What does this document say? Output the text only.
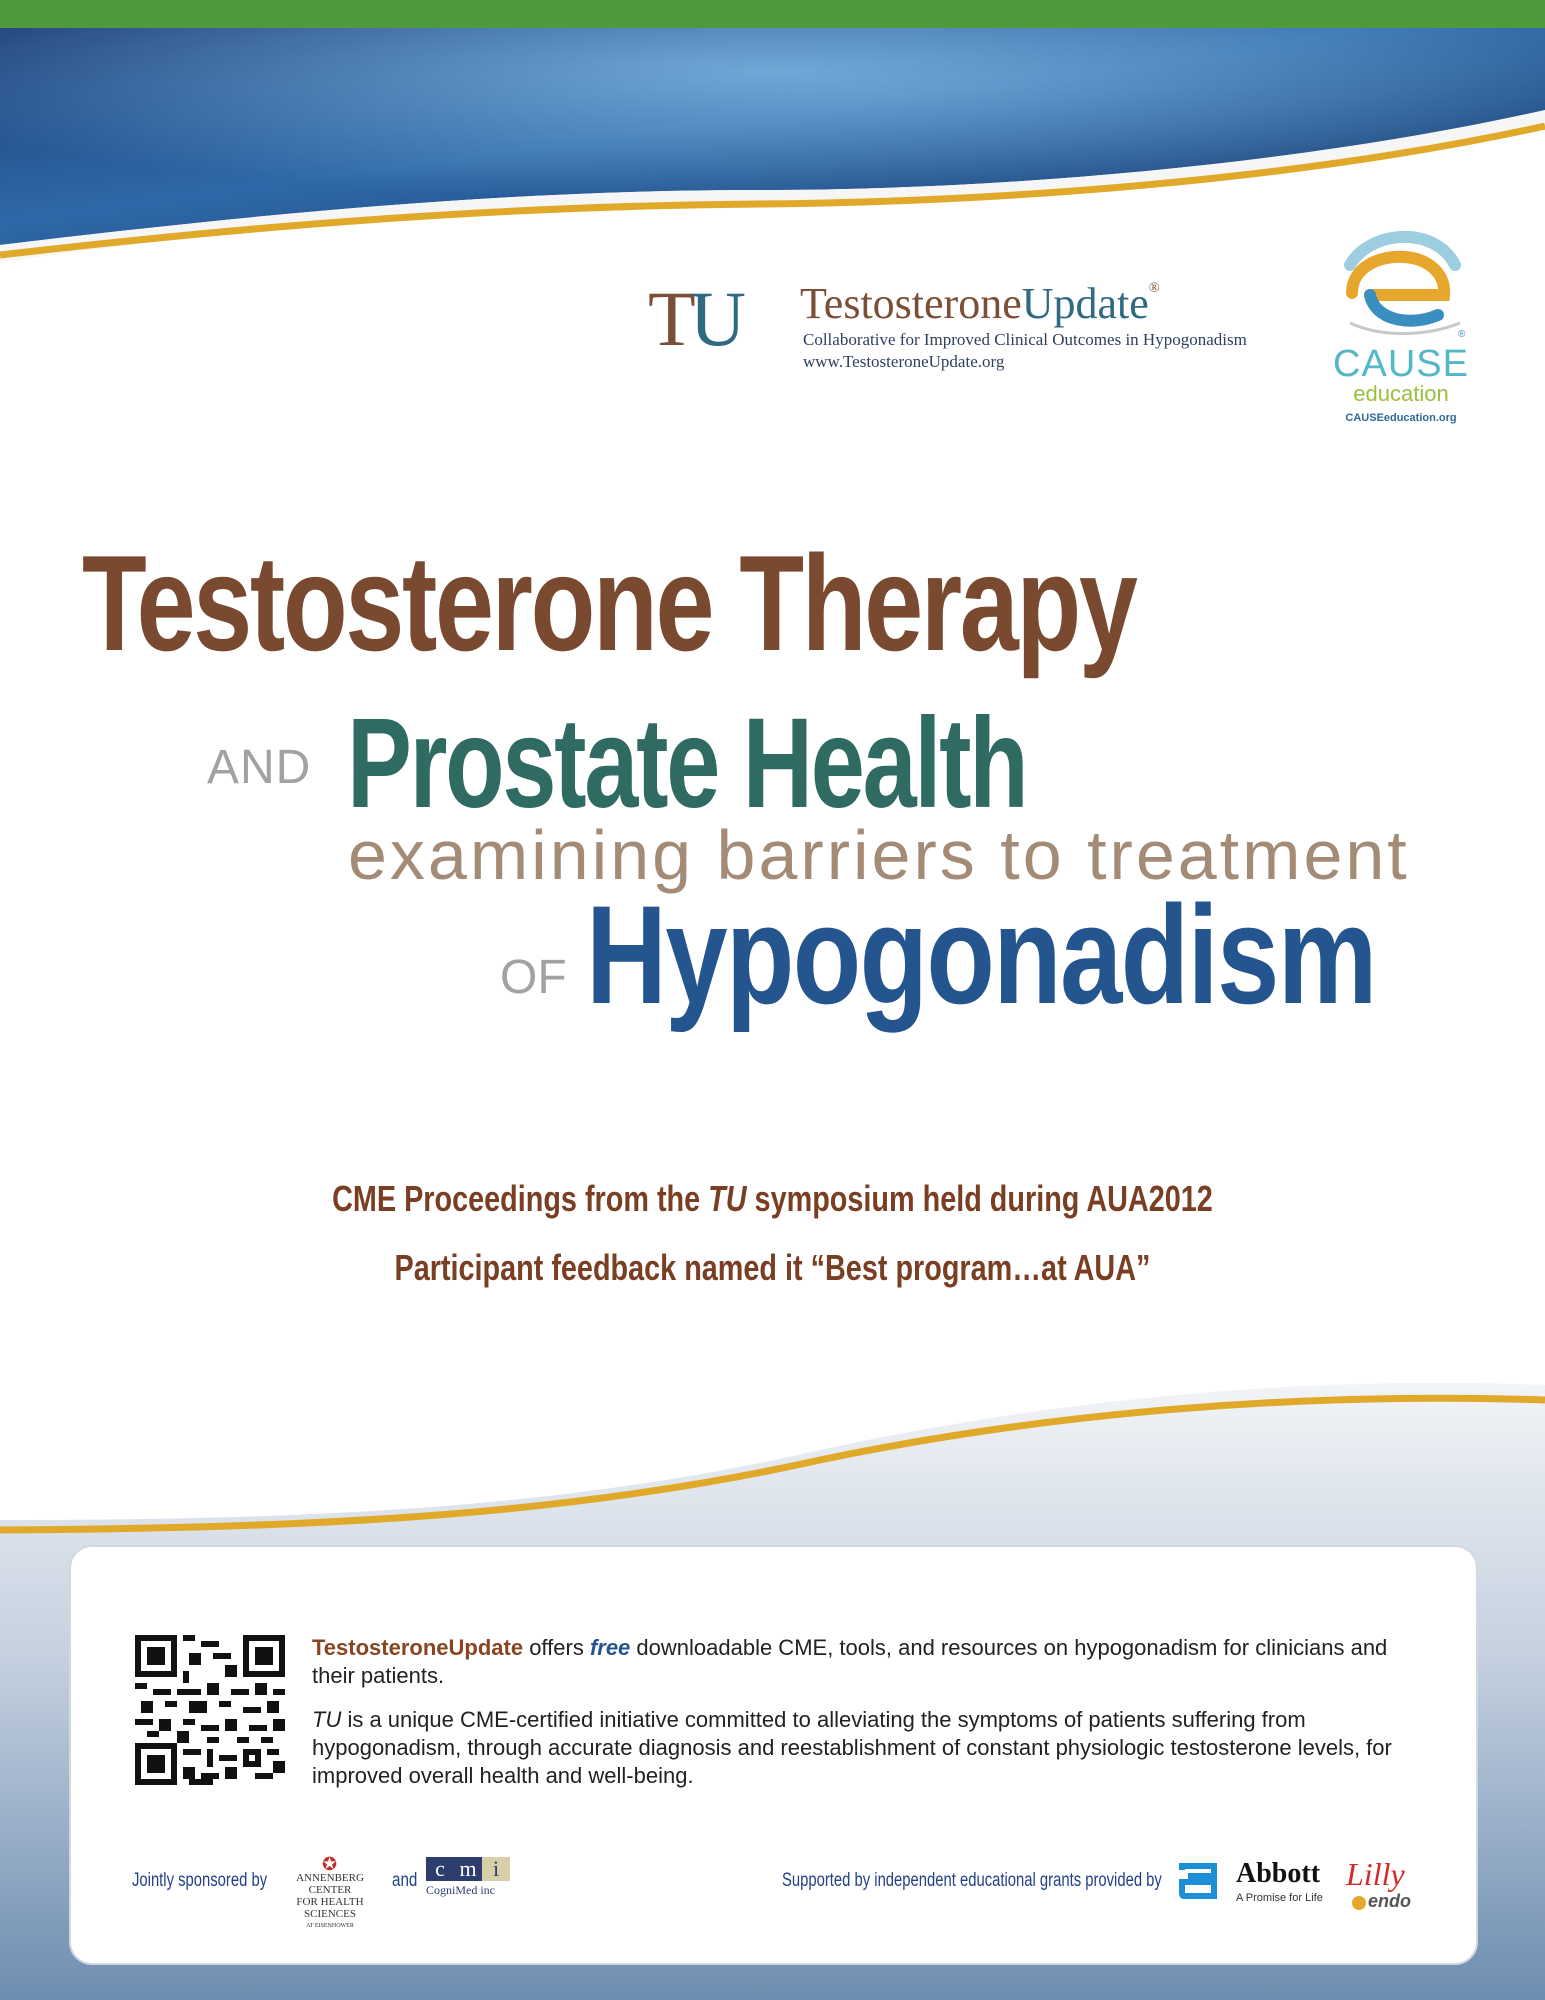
TU TestosteroneUpdate®
Collaborative for Improved Clinical Outcomes in Hypogonadism
www.TestosteroneUpdate.org
®
CAUSE
education
CAUSEeducation.org
Testosterone Therapy
AND Prostate Health
examining barriers to treatment
OF Hypogonadism
CME Proceedings from the TU symposium held during AUA2012
Participant feedback named it “Best program…at AUA”
TestosteroneUpdate offers free downloadable CME, tools, and resources on hypogonadism for clinicians and their patients.
TU is a unique CME-certified initiative committed to alleviating the symptoms of patients suffering from hypogonadism, through accurate diagnosis and reestablishment of constant physiologic testosterone levels, for improved overall health and well-being.
Jointly sponsored by
✪
ANNENBERG CENTER
FOR HEALTH SCIENCES
AT EISENHOWER
and c m i
CogniMed inc	Supported by independent educational grants provided by	Abbott
A Promise for Life
Lilly
endo
